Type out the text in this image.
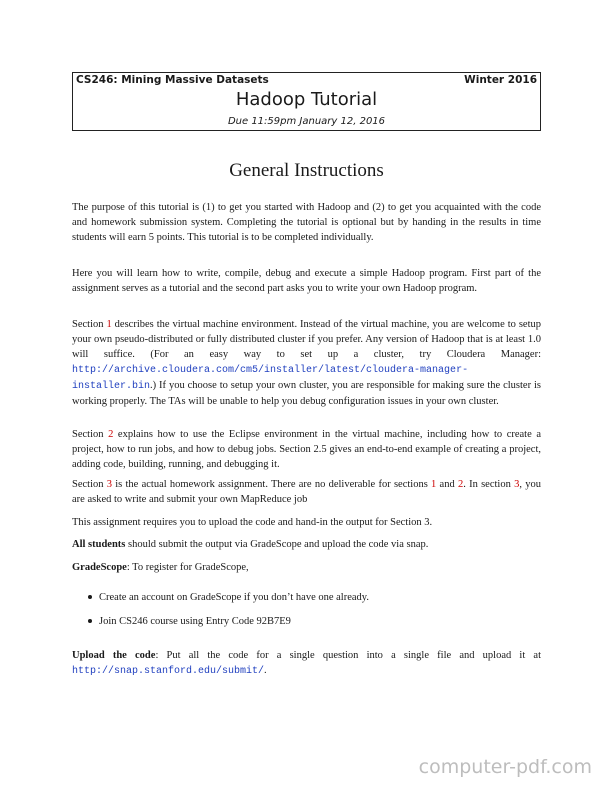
CS246: Mining Massive Datasets	Winter 2016
Hadoop Tutorial
Due 11:59pm January 12, 2016
General Instructions

The purpose of this tutorial is (1) to get you started with Hadoop and (2) to get you acquainted with the code and homework submission system. Completing the tutorial is optional but by handing in the results in time students will earn 5 points. This tutorial is to be completed individually.

Here you will learn how to write, compile, debug and execute a simple Hadoop program. First part of the assignment serves as a tutorial and the second part asks you to write your own Hadoop program.

Section 1 describes the virtual machine environment. Instead of the virtual machine, you are welcome to setup your own pseudo-distributed or fully distributed cluster if you prefer. Any version of Hadoop that is at least 1.0 will suffice. (For an easy way to set up a cluster, try Cloudera Manager: http://archive.cloudera.com/cm5/installer/latest/cloudera-manager-installer.bin.) If you choose to setup your own cluster, you are responsible for making sure the cluster is working properly. The TAs will be unable to help you debug configuration issues in your own cluster.

Section 2 explains how to use the Eclipse environment in the virtual machine, including how to create a project, how to run jobs, and how to debug jobs. Section 2.5 gives an end-to-end example of creating a project, adding code, building, running, and debugging it.

Section 3 is the actual homework assignment. There are no deliverable for sections 1 and 2. In section 3, you are asked to write and submit your own MapReduce job

This assignment requires you to upload the code and hand-in the output for Section 3.

All students should submit the output via GradeScope and upload the code via snap.

GradeScope: To register for GradeScope,

Create an account on GradeScope if you don’t have one already.
Join CS246 course using Entry Code 92B7E9

Upload the code: Put all the code for a single question into a single file and upload it at http://snap.stanford.edu/submit/.

computer-pdf.com
